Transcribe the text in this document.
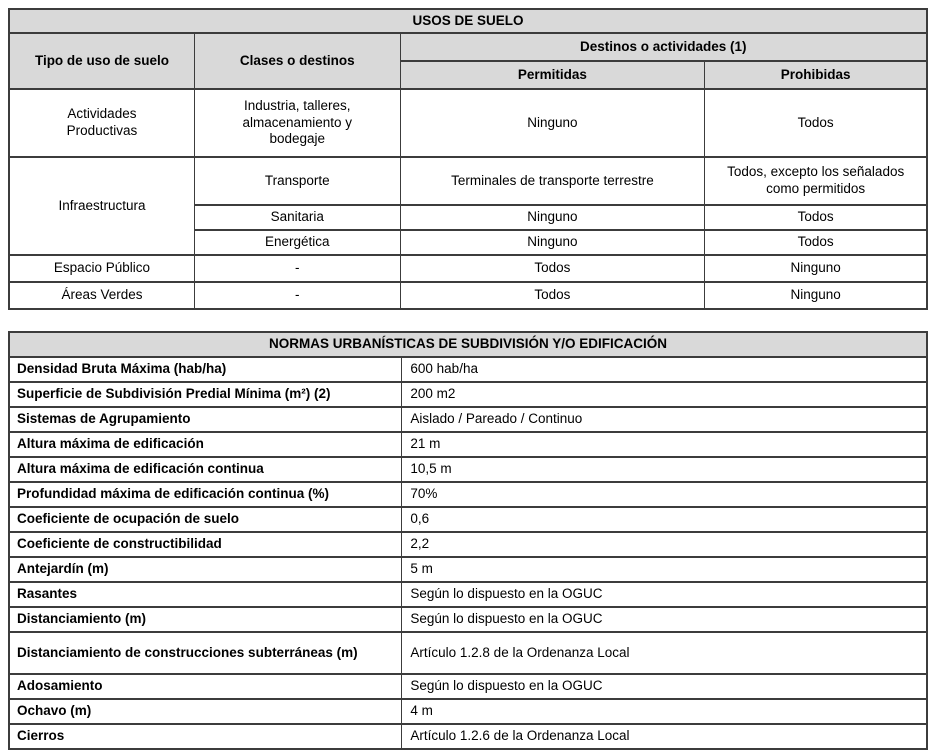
USOS DE SUELO			
Tipo de uso de suelo	Clases o destinos	Destinos o actividades (1)	
		Permitidas	Prohibidas
Actividades Productivas	Industria, talleres, almacenamiento y bodegaje	Ninguno	Todos
Infraestructura	Transporte	Terminales de transporte terrestre	Todos, excepto los señalados como permitidos
	Sanitaria	Ninguno	Todos
	Energética	Ninguno	Todos
Espacio Público	-	Todos	Ninguno
Áreas Verdes	-	Todos	Ninguno
NORMAS URBANÍSTICAS DE SUBDIVISIÓN Y/O EDIFICACIÓN	
Densidad Bruta Máxima (hab/ha)	600 hab/ha
Superficie de Subdivisión Predial Mínima (m²) (2)	200 m2
Sistemas de Agrupamiento	Aislado / Pareado / Continuo
Altura máxima de edificación	21 m
Altura máxima de edificación continua	10,5 m
Profundidad máxima de edificación continua (%)	70%
Coeficiente de ocupación de suelo	0,6
Coeficiente de constructibilidad	2,2
Antejardín (m)	5 m
Rasantes	Según lo dispuesto en la OGUC
Distanciamiento (m)	Según lo dispuesto en la OGUC
Distanciamiento de construcciones subterráneas (m)	Artículo 1.2.8 de la Ordenanza Local
Adosamiento	Según lo dispuesto en la OGUC
Ochavo (m)	4 m
Cierros	Artículo 1.2.6 de la Ordenanza Local
